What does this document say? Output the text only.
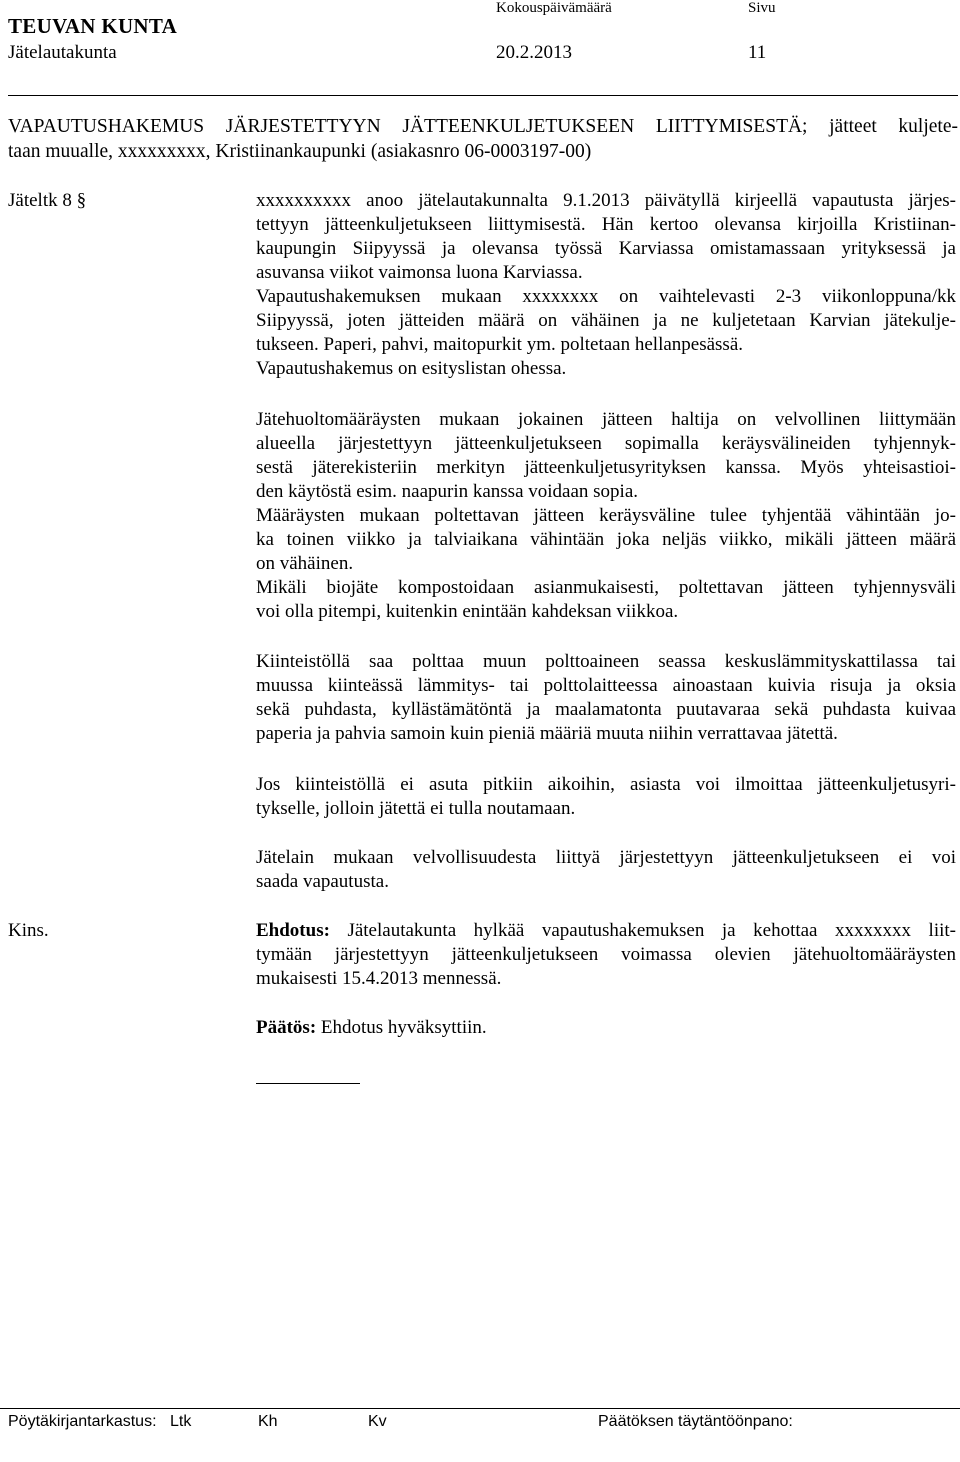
TEUVAN KUNTA
Kokouspäivämäärä	Sivu
Jätelautakunta	20.2.2013	11
VAPAUTUSHAKEMUS JÄRJESTETTYYN JÄTTEENKULJETUKSEEN LIITTYMISESTÄ; jätteet kuljete-
taan muualle, xxxxxxxxx, Kristiinankaupunki (asiakasnro 06-0003197-00)
Jäteltk 8 §	xxxxxxxxxx anoo jätelautakunnalta 9.1.2013 päivätyllä kirjeellä vapautusta järjes-
tettyyn jätteenkuljetukseen liittymisestä. Hän kertoo olevansa kirjoilla Kristiinan-
kaupungin Siipyyssä ja olevansa työssä Karviassa omistamassaan yrityksessä ja
asuvansa viikot vaimonsa luona Karviassa.
Vapautushakemuksen mukaan xxxxxxxx on vaihtelevasti 2-3 viikonloppuna/kk
Siipyyssä, joten jätteiden määrä on vähäinen ja ne kuljetetaan Karvian jätekulje-
tukseen. Paperi, pahvi, maitopurkit ym. poltetaan hellanpesässä.
Vapautushakemus on esityslistan ohessa.
Jätehuoltomääräysten mukaan jokainen jätteen haltija on velvollinen liittymään
alueella järjestettyyn jätteenkuljetukseen sopimalla keräysvälineiden tyhjennyk-
sestä jäterekisteriin merkityn jätteenkuljetusyrityksen kanssa. Myös yhteisastioi-
den käytöstä esim. naapurin kanssa voidaan sopia.
Määräysten mukaan poltettavan jätteen keräysväline tulee tyhjentää vähintään jo-
ka toinen viikko ja talviaikana vähintään joka neljäs viikko, mikäli jätteen määrä
on vähäinen.
Mikäli biojäte kompostoidaan asianmukaisesti, poltettavan jätteen tyhjennysväli
voi olla pitempi, kuitenkin enintään kahdeksan viikkoa.
Kiinteistöllä saa polttaa muun polttoaineen seassa keskuslämmityskattilassa tai
muussa kiinteässä lämmitys- tai polttolaitteessa ainoastaan kuivia risuja ja oksia
sekä puhdasta, kyllästämätöntä ja maalamatonta puutavaraa sekä puhdasta kuivaa
paperia ja pahvia samoin kuin pieniä määriä muuta niihin verrattavaa jätettä.
Jos kiinteistöllä ei asuta pitkiin aikoihin, asiasta voi ilmoittaa jätteenkuljetusyri-
tykselle, jolloin jätettä ei tulla noutamaan.
Jätelain mukaan velvollisuudesta liittyä järjestettyyn jätteenkuljetukseen ei voi
saada vapautusta.
Kins.	Ehdotus: Jätelautakunta hylkää vapautushakemuksen ja kehottaa xxxxxxxx liit-
tymään järjestettyyn jätteenkuljetukseen voimassa olevien jätehuoltomääräysten
mukaisesti 15.4.2013 mennessä.
Päätös: Ehdotus hyväksyttiin.
Pöytäkirjantarkastus: Ltk	Kh	Kv	Päätöksen täytäntöönpano:
